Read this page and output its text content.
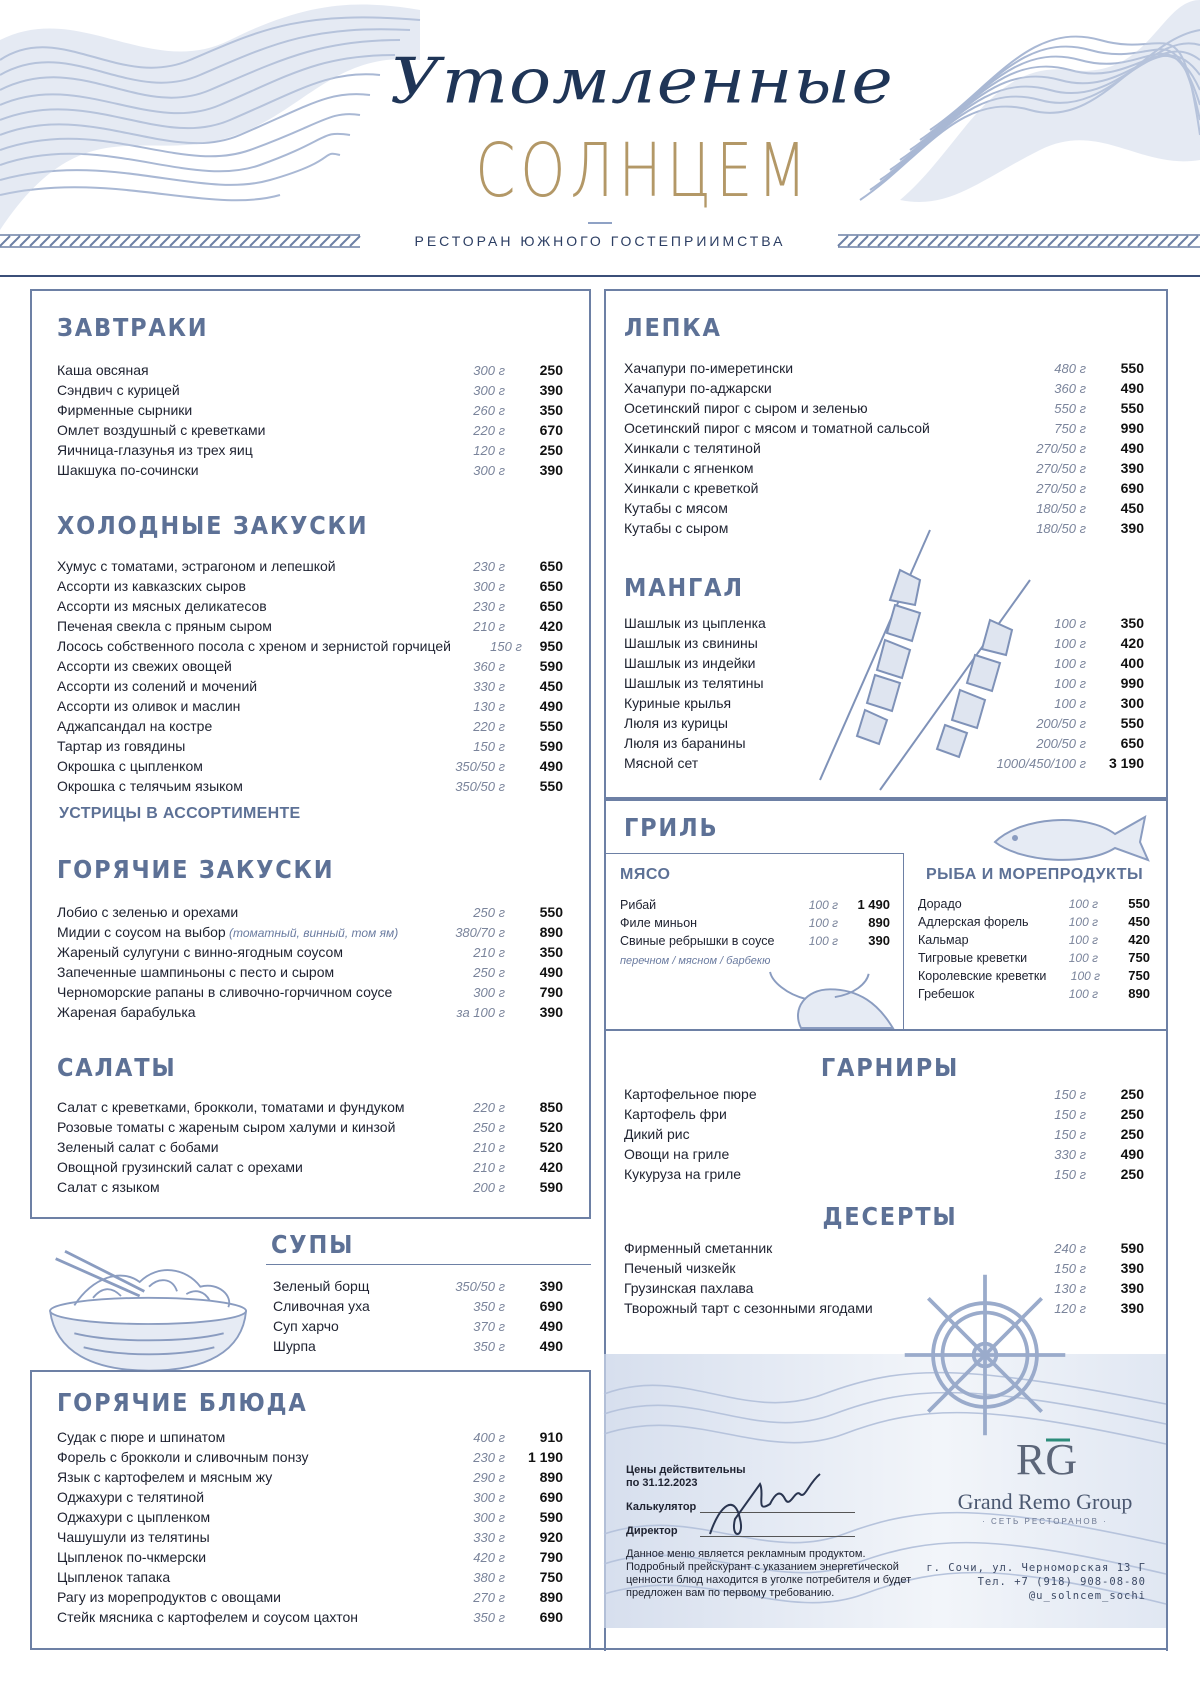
Утомленные
СОЛНЦЕМ
РЕСТОРАН ЮЖНОГО ГОСТЕПРИИМСТВА
ЗАВТРАКИ
Каша овсяная	300 г	250
Сэндвич с курицей	300 г	390
Фирменные сырники	260 г	350
Омлет воздушный с креветками	220 г	670
Яичница-глазунья из трех яиц	120 г	250
Шакшука по-сочински	300 г	390
ХОЛОДНЫЕ ЗАКУСКИ
Хумус с томатами, эстрагоном и лепешкой	230 г	650
Ассорти из кавказских сыров	300 г	650
Ассорти из мясных деликатесов	230 г	650
Печеная свекла с пряным сыром	210 г	420
Лосось собственного посола с хреном и зернистой горчицей	150 г	950
Ассорти из свежих овощей	360 г	590
Ассорти из солений и мочений	330 г	450
Ассорти из оливок и маслин	130 г	490
Аджапсандал на костре	220 г	550
Тартар из говядины	150 г	590
Окрошка с цыпленком	350/50 г	490
Окрошка с телячьим языком	350/50 г	550
УСТРИЦЫ В АССОРТИМЕНТЕ
ГОРЯЧИЕ ЗАКУСКИ
Лобио с зеленью и орехами	250 г	550
Мидии с соусом на выбор (томатный, винный, том ям)	380/70 г	890
Жареный сулугуни с винно-ягодным соусом	210 г	350
Запеченные шампиньоны с песто и сыром	250 г	490
Черноморские рапаны в сливочно-горчичном соусе	300 г	790
Жареная барабулька	за 100 г	390
САЛАТЫ
Салат с креветками, брокколи, томатами и фундуком	220 г	850
Розовые томаты с жареным сыром халуми и кинзой	250 г	520
Зеленый салат с бобами	210 г	520
Овощной грузинский салат с орехами	210 г	420
Салат с языком	200 г	590
СУПЫ
Зеленый борщ	350/50 г	390
Сливочная уха	350 г	690
Суп харчо	370 г	490
Шурпа	350 г	490
ГОРЯЧИЕ БЛЮДА
Судак с пюре и шпинатом	400 г	910
Форель с брокколи и сливочным понзу	230 г	1 190
Язык с картофелем и мясным жу	290 г	890
Оджахури с телятиной	300 г	690
Оджахури с цыпленком	300 г	590
Чашушули из телятины	330 г	920
Цыпленок по-чкмерски	420 г	790
Цыпленок тапака	380 г	750
Рагу из морепродуктов с овощами	270 г	890
Стейк мясника с картофелем и соусом цахтон	350 г	690
ЛЕПКА
Хачапури по-имеретински	480 г	550
Хачапури по-аджарски	360 г	490
Осетинский пирог с сыром и зеленью	550 г	550
Осетинский пирог с мясом и томатной сальсой	750 г	990
Хинкали с телятиной	270/50 г	490
Хинкали с ягненком	270/50 г	390
Хинкали с креветкой	270/50 г	690
Кутабы с мясом	180/50 г	450
Кутабы с сыром	180/50 г	390
МАНГАЛ
Шашлык из цыпленка	100 г	350
Шашлык из свинины	100 г	420
Шашлык из индейки	100 г	400
Шашлык из телятины	100 г	990
Куриные крылья	100 г	300
Люля из курицы	200/50 г	550
Люля из баранины	200/50 г	650
Мясной сет	1000/450/100 г	3 190
ГРИЛЬ
МЯСО
Рибай	100 г	1 490
Филе миньон	100 г	890
Свиные ребрышки в соусе	100 г	390
перечном / мясном / барбекю
РЫБА И МОРЕПРОДУКТЫ
Дорадо	100 г	550
Адлерская форель	100 г	450
Кальмар	100 г	420
Тигровые креветки	100 г	750
Королевские креветки	100 г	750
Гребешок	100 г	890
ГАРНИРЫ
Картофельное пюре	150 г	250
Картофель фри	150 г	250
Дикий рис	150 г	250
Овощи на гриле	330 г	490
Кукуруза на гриле	150 г	250
ДЕСЕРТЫ
Фирменный сметанник	240 г	590
Печеный чизкейк	150 г	390
Грузинская пахлава	130 г	390
Творожный тарт с сезонными ягодами	120 г	390
Цены действительны
по 31.12.2023
Калькулятор
Директор
Данное меню является рекламным продуктом.
Подробный прейскурант с указанием энергетической
ценности блюд находится в уголке потребителя и будет
предложен вам по первому требованию.
RG
Grand Remo Group
· СЕТЬ РЕСТОРАНОВ ·
г. Сочи, ул. Черноморская 13 Г
Тел. +7 (918) 908-08-80
@u_solncem_sochi
